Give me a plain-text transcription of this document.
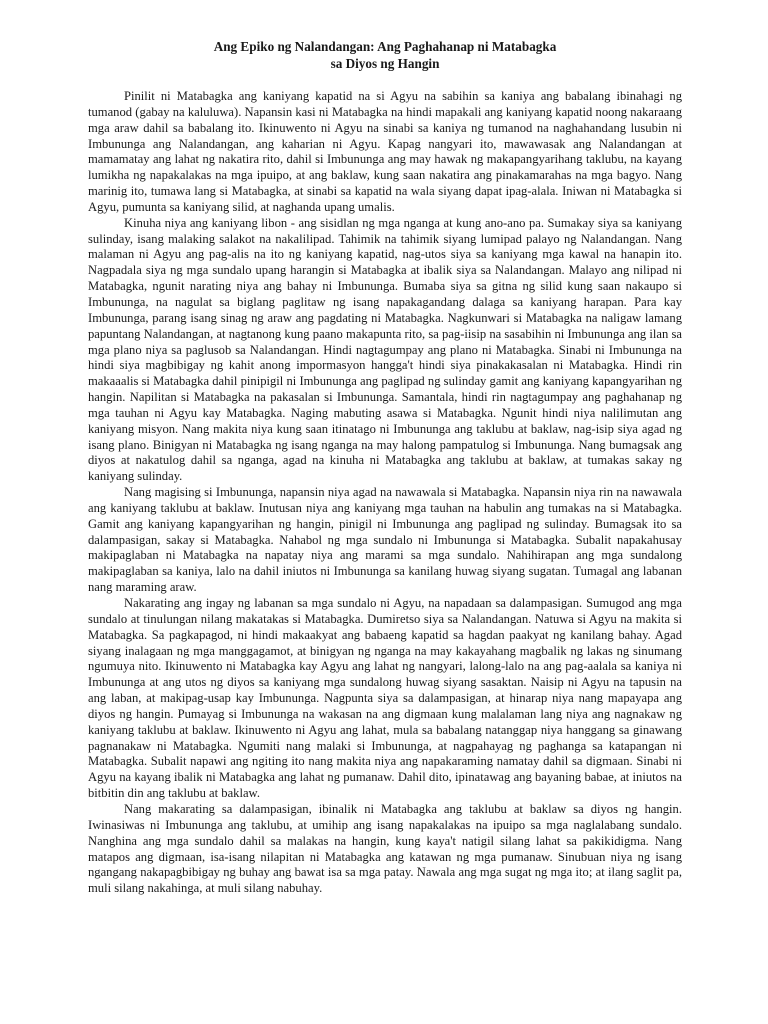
Ang Epiko ng Nalandangan: Ang Paghahanap ni Matabagka
sa Diyos ng Hangin

Pinilit ni Matabagka ang kaniyang kapatid na si Agyu na sabihin sa kaniya ang babalang ibinahagi ng tumanod (gabay na kaluluwa). Napansin kasi ni Matabagka na hindi mapakali ang kaniyang kapatid noong nakaraang mga araw dahil sa babalang ito. Ikinuwento ni Agyu na sinabi sa kaniya ng tumanod na naghahandang lusubin ni Imbununga ang Nalandangan, ang kaharian ni Agyu. Kapag nangyari ito, mawawasak ang Nalandangan at mamamatay ang lahat ng nakatira rito, dahil si Imbununga ang may hawak ng makapangyarihang taklubu, na kayang lumikha ng napakalakas na mga ipuipo, at ang baklaw, kung saan nakatira ang pinakamarahas na mga bagyo. Nang marinig ito, tumawa lang si Matabagka, at sinabi sa kapatid na wala siyang dapat ipag-alala. Iniwan ni Matabagka si Agyu, pumunta sa kaniyang silid, at naghanda upang umalis.

Kinuha niya ang kaniyang libon - ang sisidlan ng mga nganga at kung ano-ano pa. Sumakay siya sa kaniyang sulinday, isang malaking salakot na nakalilipad. Tahimik na tahimik siyang lumipad palayo ng Nalandangan. Nang malaman ni Agyu ang pag-alis na ito ng kaniyang kapatid, nag-utos siya sa kaniyang mga kawal na hanapin ito. Nagpadala siya ng mga sundalo upang harangin si Matabagka at ibalik siya sa Nalandangan. Malayo ang nilipad ni Matabagka, ngunit narating niya ang bahay ni Imbununga. Bumaba siya sa gitna ng silid kung saan nakaupo si Imbununga, na nagulat sa biglang paglitaw ng isang napakagandang dalaga sa kaniyang harapan. Para kay Imbununga, parang isang sinag ng araw ang pagdating ni Matabagka. Nagkunwari si Matabagka na naligaw lamang papuntang Nalandangan, at nagtanong kung paano makapunta rito, sa pag-iisip na sasabihin ni Imbununga ang ilan sa mga plano niya sa paglusob sa Nalandangan. Hindi nagtagumpay ang plano ni Matabagka. Sinabi ni Imbununga na hindi siya magbibigay ng kahit anong impormasyon hangga't hindi siya pinakakasalan ni Matabagka. Hindi rin makaaalis si Matabagka dahil pinipigil ni Imbununga ang paglipad ng sulinday gamit ang kaniyang kapangyarihan ng hangin. Napilitan si Matabagka na pakasalan si Imbununga. Samantala, hindi rin nagtagumpay ang paghahanap ng mga tauhan ni Agyu kay Matabagka. Naging mabuting asawa si Matabagka. Ngunit hindi niya nalilimutan ang kaniyang misyon. Nang makita niya kung saan itinatago ni Imbununga ang taklubu at baklaw, nag-isip siya agad ng isang plano. Binigyan ni Matabagka ng isang nganga na may halong pampatulog si Imbununga. Nang bumagsak ang diyos at nakatulog dahil sa nganga, agad na kinuha ni Matabagka ang taklubu at baklaw, at tumakas sakay ng kaniyang sulinday.

Nang magising si Imbununga, napansin niya agad na nawawala si Matabagka. Napansin niya rin na nawawala ang kaniyang taklubu at baklaw. Inutusan niya ang kaniyang mga tauhan na habulin ang tumakas na si Matabagka. Gamit ang kaniyang kapangyarihan ng hangin, pinigil ni Imbununga ang paglipad ng sulinday. Bumagsak ito sa dalampasigan, sakay si Matabagka. Nahabol ng mga sundalo ni Imbununga si Matabagka. Subalit napakahusay makipaglaban ni Matabagka na napatay niya ang marami sa mga sundalo. Nahihirapan ang mga sundalong makipaglaban sa kaniya, lalo na dahil iniutos ni Imbununga sa kanilang huwag siyang sugatan. Tumagal ang labanan nang maraming araw.

Nakarating ang ingay ng labanan sa mga sundalo ni Agyu, na napadaan sa dalampasigan. Sumugod ang mga sundalo at tinulungan nilang makatakas si Matabagka. Dumiretso siya sa Nalandangan. Natuwa si Agyu na makita si Matabagka. Sa pagkapagod, ni hindi makaakyat ang babaeng kapatid sa hagdan paakyat ng kanilang bahay. Agad siyang inalagaan ng mga manggagamot, at binigyan ng nganga na may kakayahang magbalik ng lakas ng sinumang ngumuya nito. Ikinuwento ni Matabagka kay Agyu ang lahat ng nangyari, lalong-lalo na ang pag-aalala sa kaniya ni Imbununga at ang utos ng diyos sa kaniyang mga sundalong huwag siyang sasaktan. Naisip ni Agyu na tapusin na ang laban, at makipag-usap kay Imbununga. Nagpunta siya sa dalampasigan, at hinarap niya nang mapayapa ang diyos ng hangin. Pumayag si Imbununga na wakasan na ang digmaan kung malalaman lang niya ang nagnakaw ng kaniyang taklubu at baklaw. Ikinuwento ni Agyu ang lahat, mula sa babalang natanggap niya hanggang sa ginawang pagnanakaw ni Matabagka. Ngumiti nang malaki si Imbununga, at nagpahayag ng paghanga sa katapangan ni Matabagka. Subalit napawi ang ngiting ito nang makita niya ang napakaraming namatay dahil sa digmaan. Sinabi ni Agyu na kayang ibalik ni Matabagka ang lahat ng pumanaw. Dahil dito, ipinatawag ang bayaning babae, at iniutos na bitbitin din ang taklubu at baklaw.

Nang makarating sa dalampasigan, ibinalik ni Matabagka ang taklubu at baklaw sa diyos ng hangin. Iwinasiwas ni Imbununga ang taklubu, at umihip ang isang napakalakas na ipuipo sa mga naglalabang sundalo. Nanghina ang mga sundalo dahil sa malakas na hangin, kung kaya't natigil silang lahat sa pakikidigma. Nang matapos ang digmaan, isa-isang nilapitan ni Matabagka ang katawan ng mga pumanaw. Sinubuan niya ng isang ngangang nakapagbibigay ng buhay ang bawat isa sa mga patay. Nawala ang mga sugat ng mga ito; at ilang saglit pa, muli silang nakahinga, at muli silang nabuhay.
